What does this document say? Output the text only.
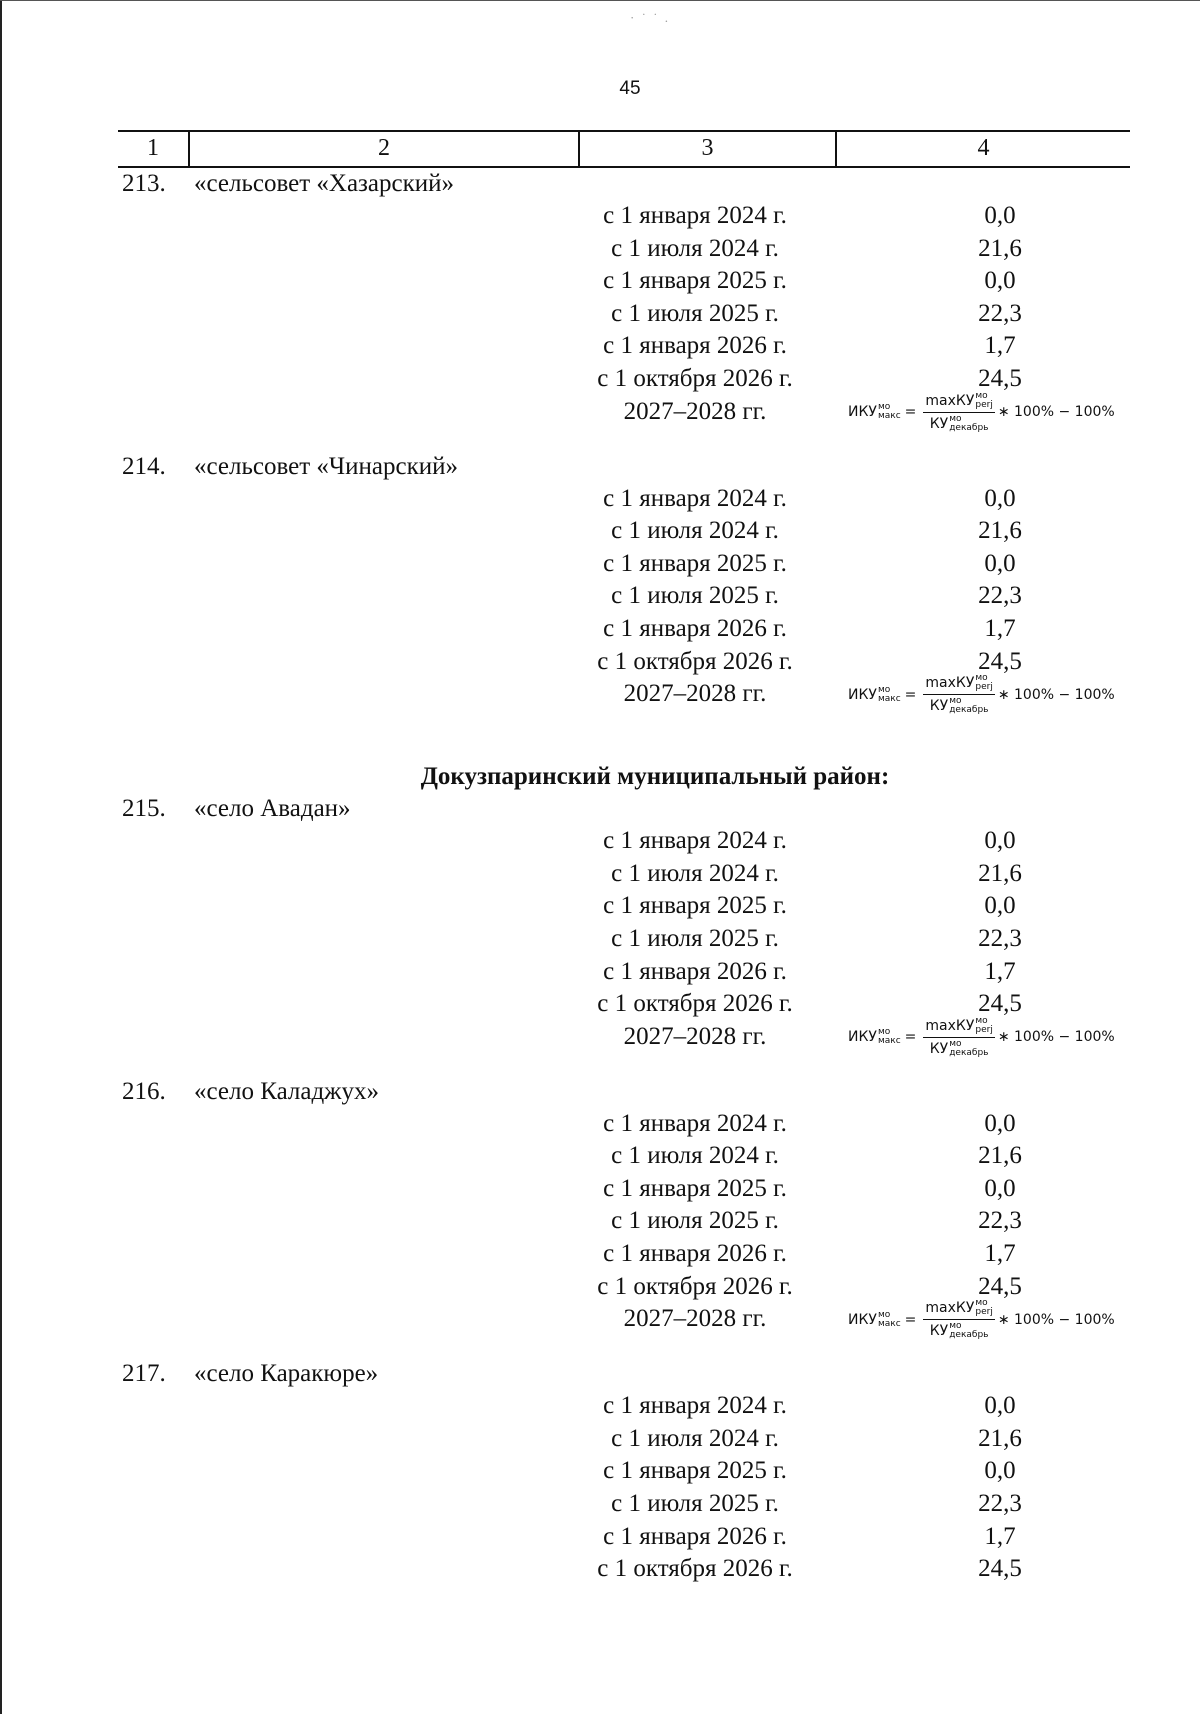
· ˙ ˙ .
45
1	2	3	4
213. «сельсовет «Хазарский»
с 1 января 2024 г.	0,0
с 1 июля 2024 г.	21,6
с 1 января 2025 г.	0,0
с 1 июля 2025 г.	22,3
с 1 января 2026 г.	1,7
с 1 октября 2026 г.	24,5
2027–2028 гг.	ИКУ мо
макс = maxКУ мо
perj
КУ мо
декабрь ∗ 100% − 100%
214. «сельсовет «Чинарский»
с 1 января 2024 г.	0,0
с 1 июля 2024 г.	21,6
с 1 января 2025 г.	0,0
с 1 июля 2025 г.	22,3
с 1 января 2026 г.	1,7
с 1 октября 2026 г.	24,5
2027–2028 гг.	ИКУ мо
макс = maxКУ мо
perj
КУ мо
декабрь ∗ 100% − 100%
Докузпаринский муниципальный район:
215. «село Авадан»
с 1 января 2024 г.	0,0
с 1 июля 2024 г.	21,6
с 1 января 2025 г.	0,0
с 1 июля 2025 г.	22,3
с 1 января 2026 г.	1,7
с 1 октября 2026 г.	24,5
2027–2028 гг.	ИКУ мо
макс = maxКУ мо
perj
КУ мо
декабрь ∗ 100% − 100%
216. «село Каладжух»
с 1 января 2024 г.	0,0
с 1 июля 2024 г.	21,6
с 1 января 2025 г.	0,0
с 1 июля 2025 г.	22,3
с 1 января 2026 г.	1,7
с 1 октября 2026 г.	24,5
2027–2028 гг.	ИКУ мо
макс = maxКУ мо
perj
КУ мо
декабрь ∗ 100% − 100%
217. «село Каракюре»
с 1 января 2024 г.	0,0
с 1 июля 2024 г.	21,6
с 1 января 2025 г.	0,0
с 1 июля 2025 г.	22,3
с 1 января 2026 г.	1,7
с 1 октября 2026 г.	24,5
